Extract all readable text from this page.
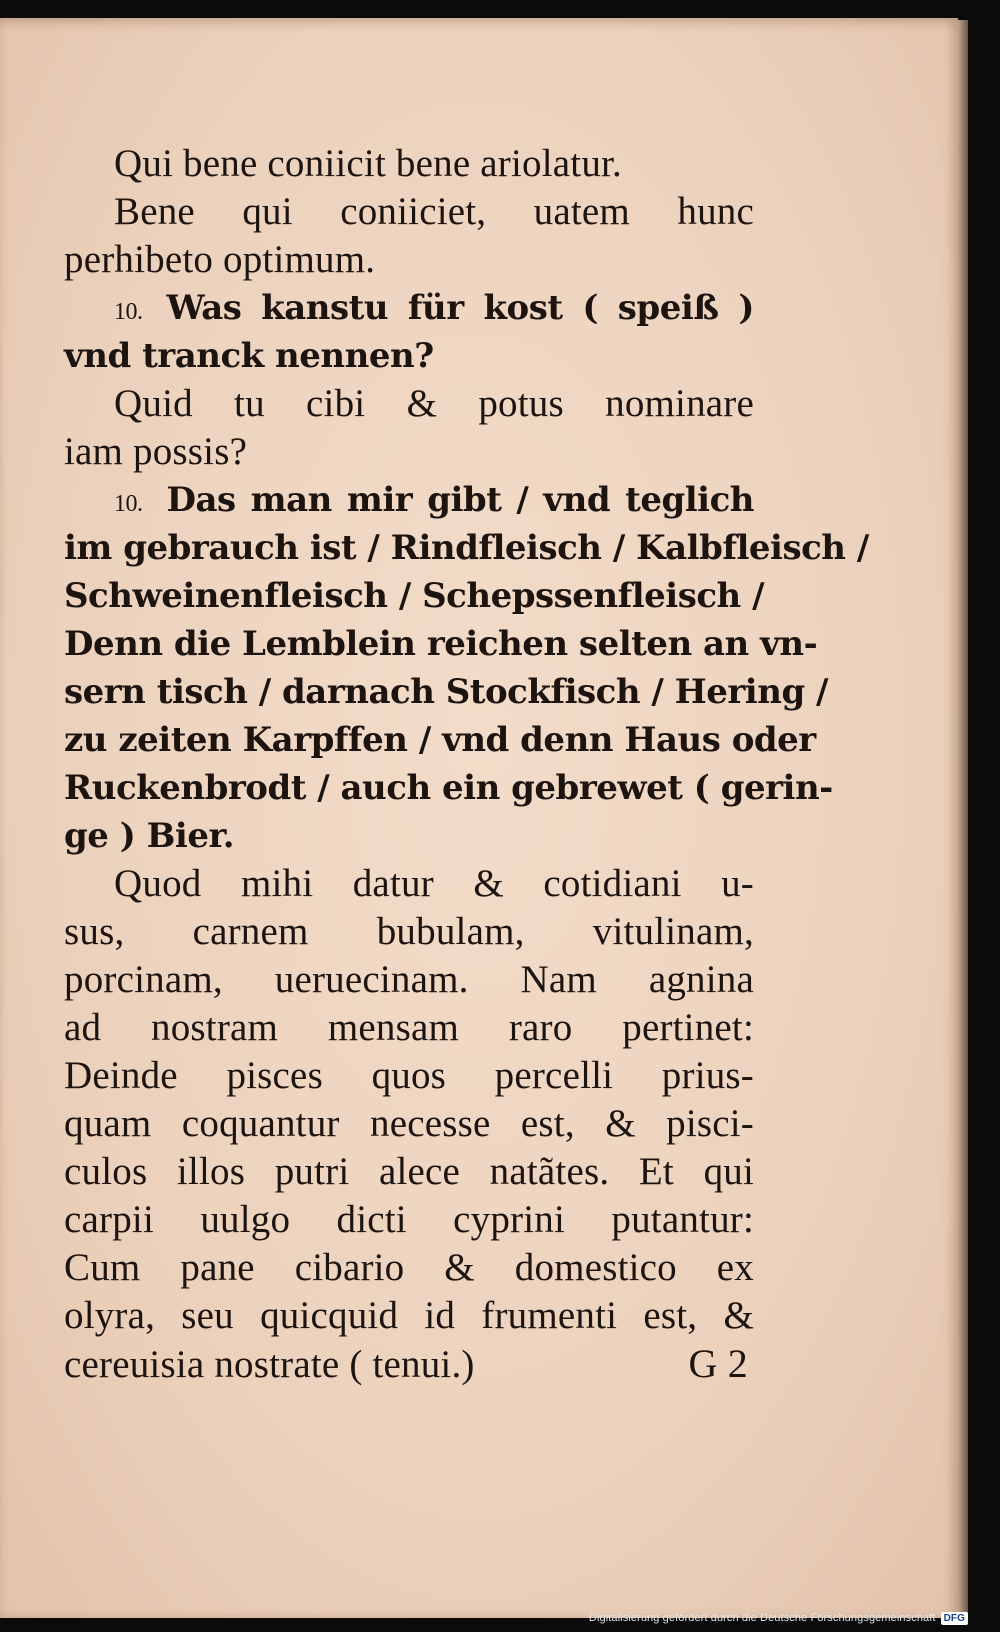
Qui bene coniicit bene ariolatur.
Bene qui coniiciet, uatem hunc
perhibeto optimum.
10. Was kanstu für kost ( speiß )
vnd tranck nennen?
Quid tu cibi & potus nominare
iam possis?
10. Das man mir gibt / vnd teglich
im gebrauch ist / Rindfleisch / Kalbfleisch /
Schweinenfleisch / Schepssenfleisch /
Denn die Lemblein reichen selten an vn-
sern tisch / darnach Stockfisch / Hering /
zu zeiten Karpffen / vnd denn Haus oder
Ruckenbrodt / auch ein gebrewet ( gerin-
ge ) Bier.
Quod mihi datur & cotidiani u-
sus, carnem bubulam, vitulinam,
porcinam, ueruecinam. Nam agnina
ad nostram mensam raro pertinet:
Deinde pisces quos percelli prius-
quam coquantur necesse est, & pisci-
culos illos putri alece natãtes. Et qui
carpii uulgo dicti cyprini putantur:
Cum pane cibario & domestico ex
olyra, seu quicquid id frumenti est, &
cereuisia nostrate ( tenui.)	G 2
Digitalisierung gefördert durch die Deutsche Forschungsgemeinschaft DFG
